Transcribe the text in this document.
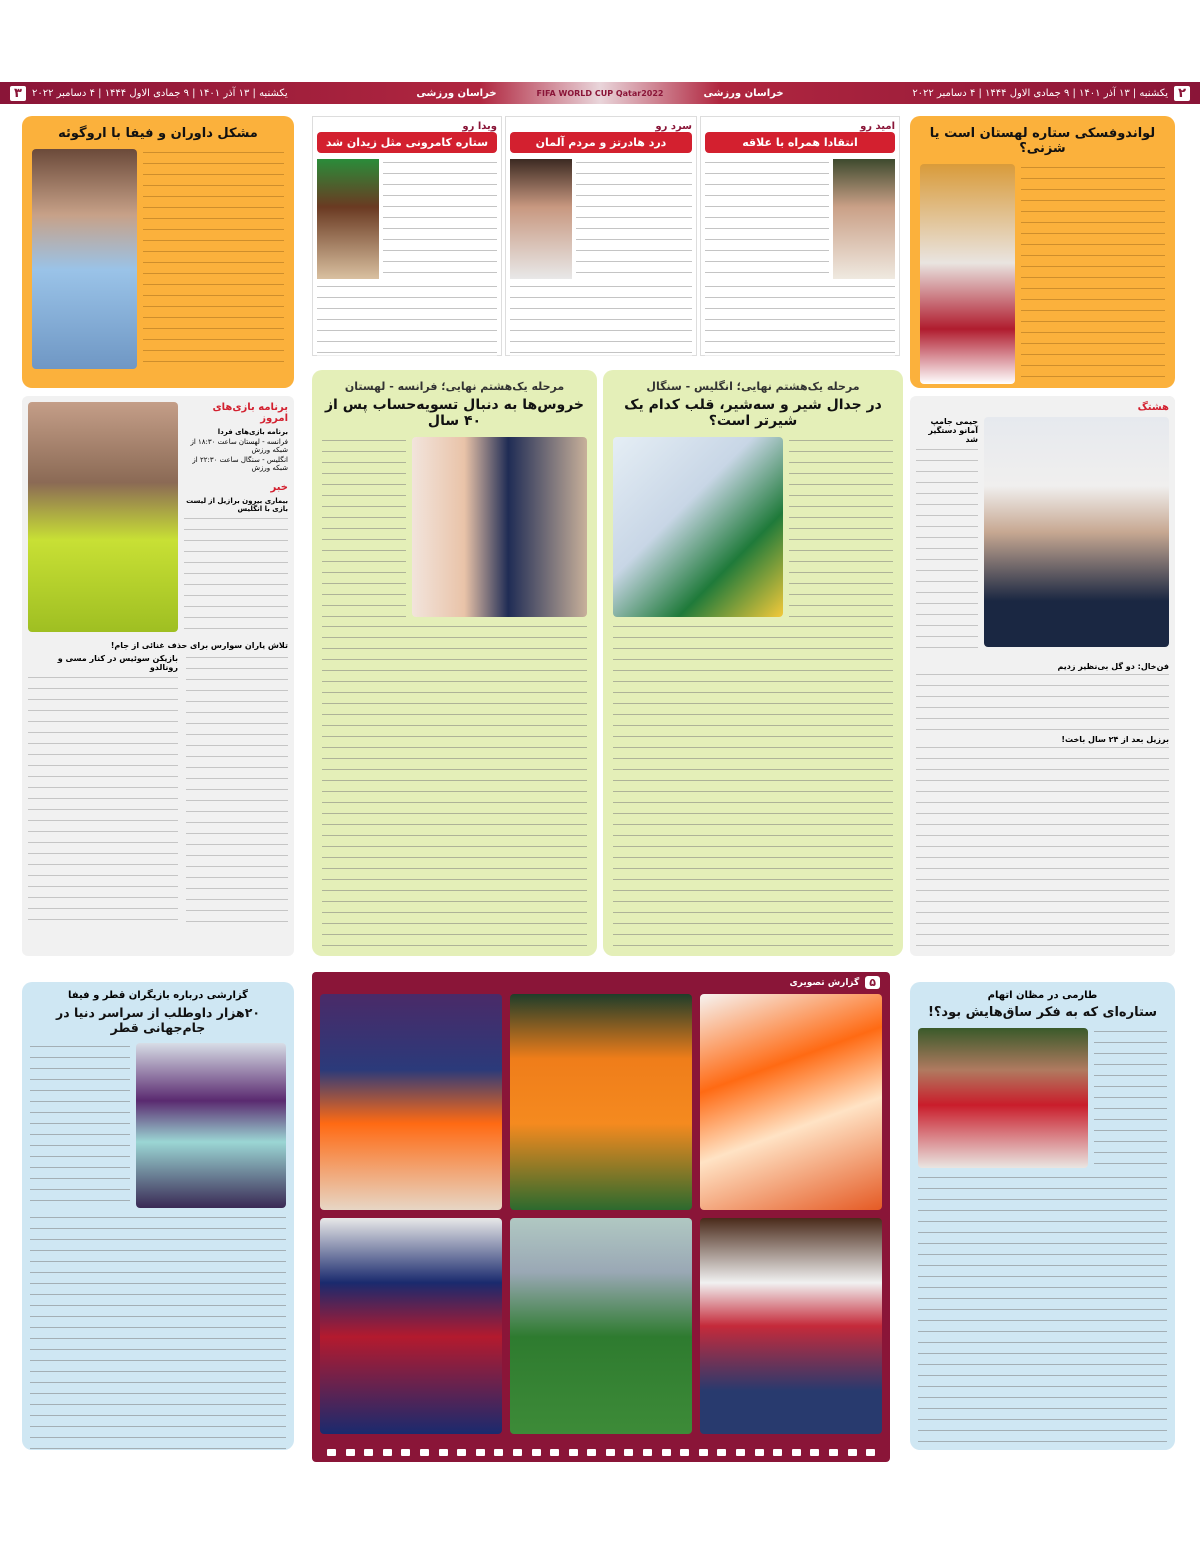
۲
یکشنبه | ۱۳ آذر ۱۴۰۱ | ۹ جمادی الاول ۱۴۴۴ | ۴ دسامبر ۲۰۲۲
خراسان ورزشی
FIFA WORLD CUP Qatar2022
خراسان ورزشی
یکشنبه | ۱۳ آذر ۱۴۰۱ | ۹ جمادی الاول ۱۴۴۴ | ۴ دسامبر ۲۰۲۲
۳
لواندوفسکی ستاره لهستان است یا شزنی؟
امید رو
انتقادا همراه با علاقه
سرد رو
درد هادرتز و مردم آلمان
ویدا رو
ستاره کامرونی مثل زیدان شد
مشکل داوران و فیفا با اروگوئه
هشتگ
جیمی جامپ آمانو دستگیر شد
فن‌خال: دو گل بی‌نظیر زدیم
برزیل بعد از ۲۴ سال باخت!
مرحله یک‌هشتم نهایی؛ انگلیس - سنگال
در جدال شیر و سه‌شیر، قلب کدام یک شیرتر است؟
مرحله یک‌هشتم نهایی؛ فرانسه - لهستان
خروس‌ها به دنبال تسویه‌حساب پس از ۴۰ سال
برنامه بازی‌های امروز
برنامه بازی‌های فردا
فرانسه - لهستان ساعت ۱۸:۳۰ از شبکه ورزش
انگلیس - سنگال ساعت ۲۲:۳۰ از شبکه ورزش
خبر
بیماری بیرون برازیل از لیست بازی با انگلیس
تلاش یاران سوارس برای حذف غنائی از جام!
بازیکن سوئیس در کنار مسی و رونالدو
طارمی در مظان اتهام
ستاره‌ای که به فکر ساق‌هایش بود؟!
۵
گزارش تصویری
گزارشی درباره بازیگران قطر و فیفا
۲۰هزار داوطلب از سراسر دنیا در جام‌جهانی قطر
